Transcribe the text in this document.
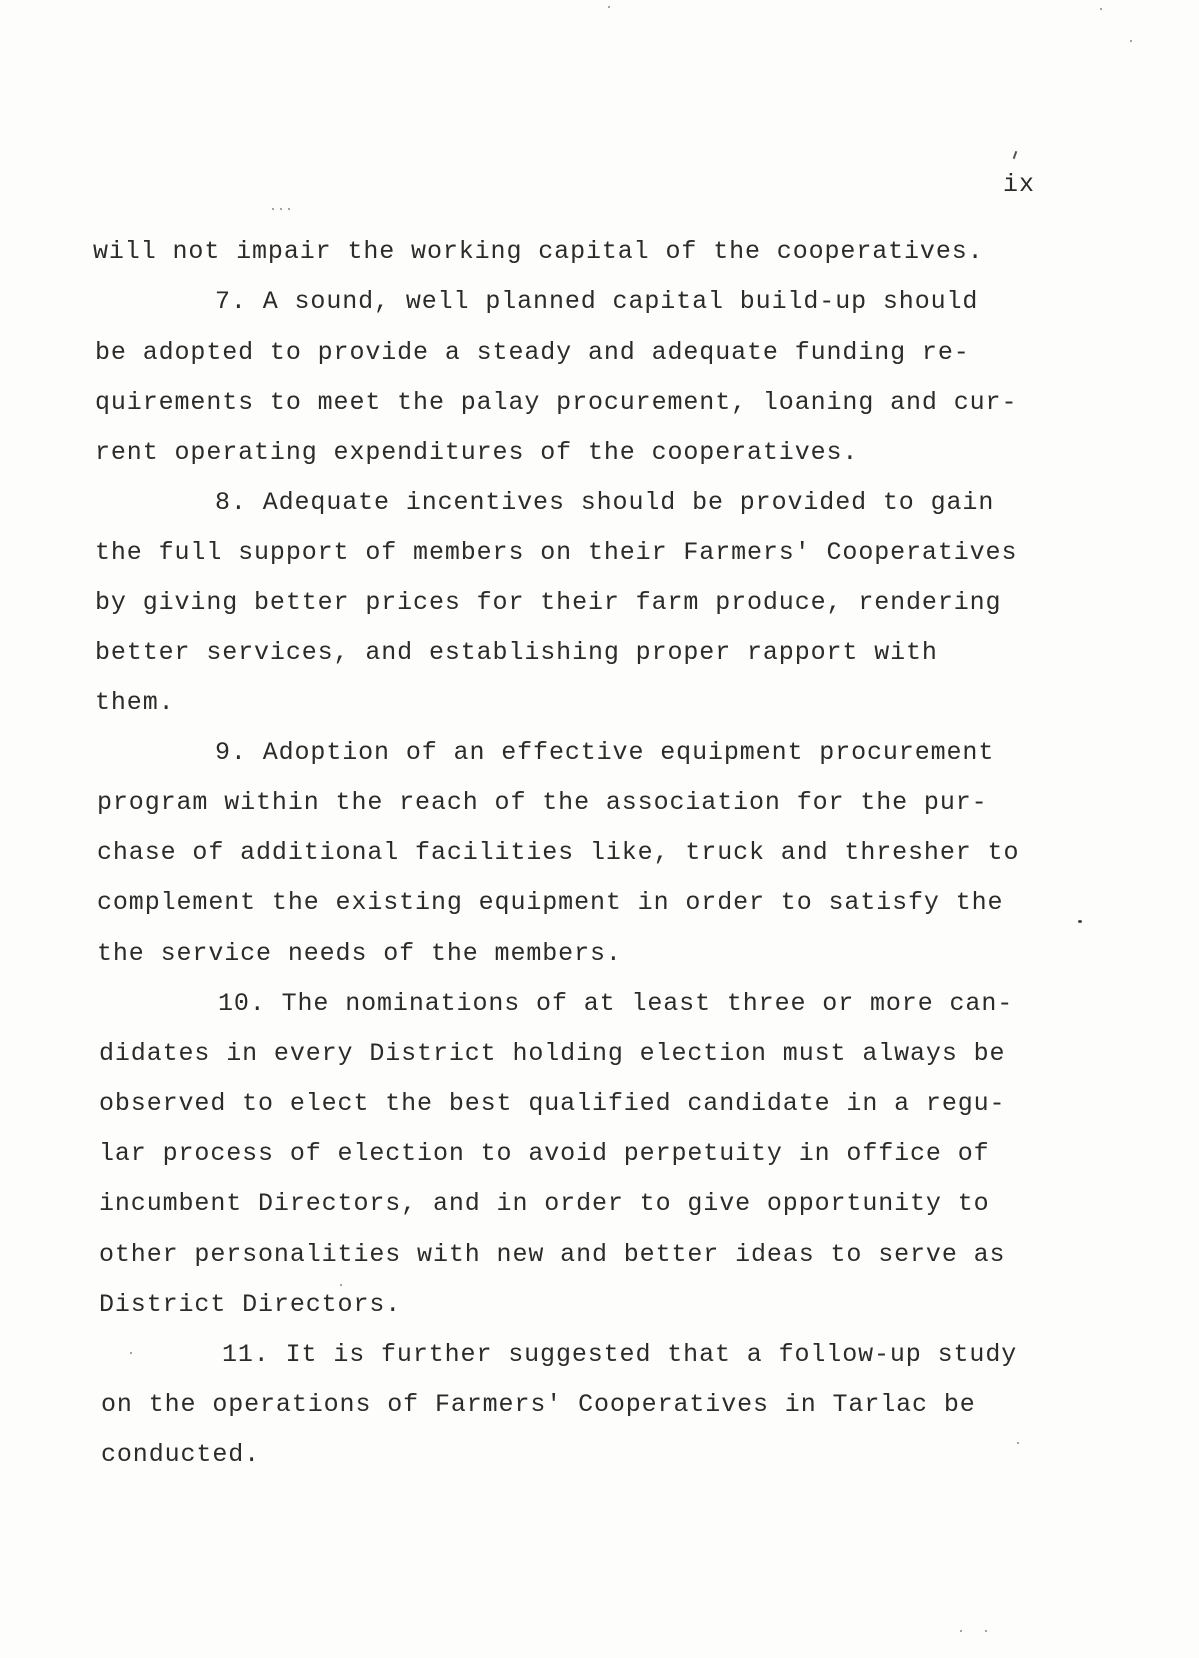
ix
will not impair the working capital of the cooperatives.
7. A sound, well planned capital build-up should
be adopted to provide a steady and adequate funding re-
quirements to meet the palay procurement, loaning and cur-
rent operating expenditures of the cooperatives.
8. Adequate incentives should be provided to gain
the full support of members on their Farmers' Cooperatives
by giving better prices for their farm produce, rendering
better services, and establishing proper rapport with
them.
9. Adoption of an effective equipment procurement
program within the reach of the association for the pur-
chase of additional facilities like, truck and thresher to
complement the existing equipment in order to satisfy the
the service needs of the members.
10. The nominations of at least three or more can-
didates in every District holding election must always be
observed to elect the best qualified candidate in a regu-
lar process of election to avoid perpetuity in office of
incumbent Directors, and in order to give opportunity to
other personalities with new and better ideas to serve as
District Directors.
11. It is further suggested that a follow-up study
on the operations of Farmers' Cooperatives in Tarlac be
conducted.
